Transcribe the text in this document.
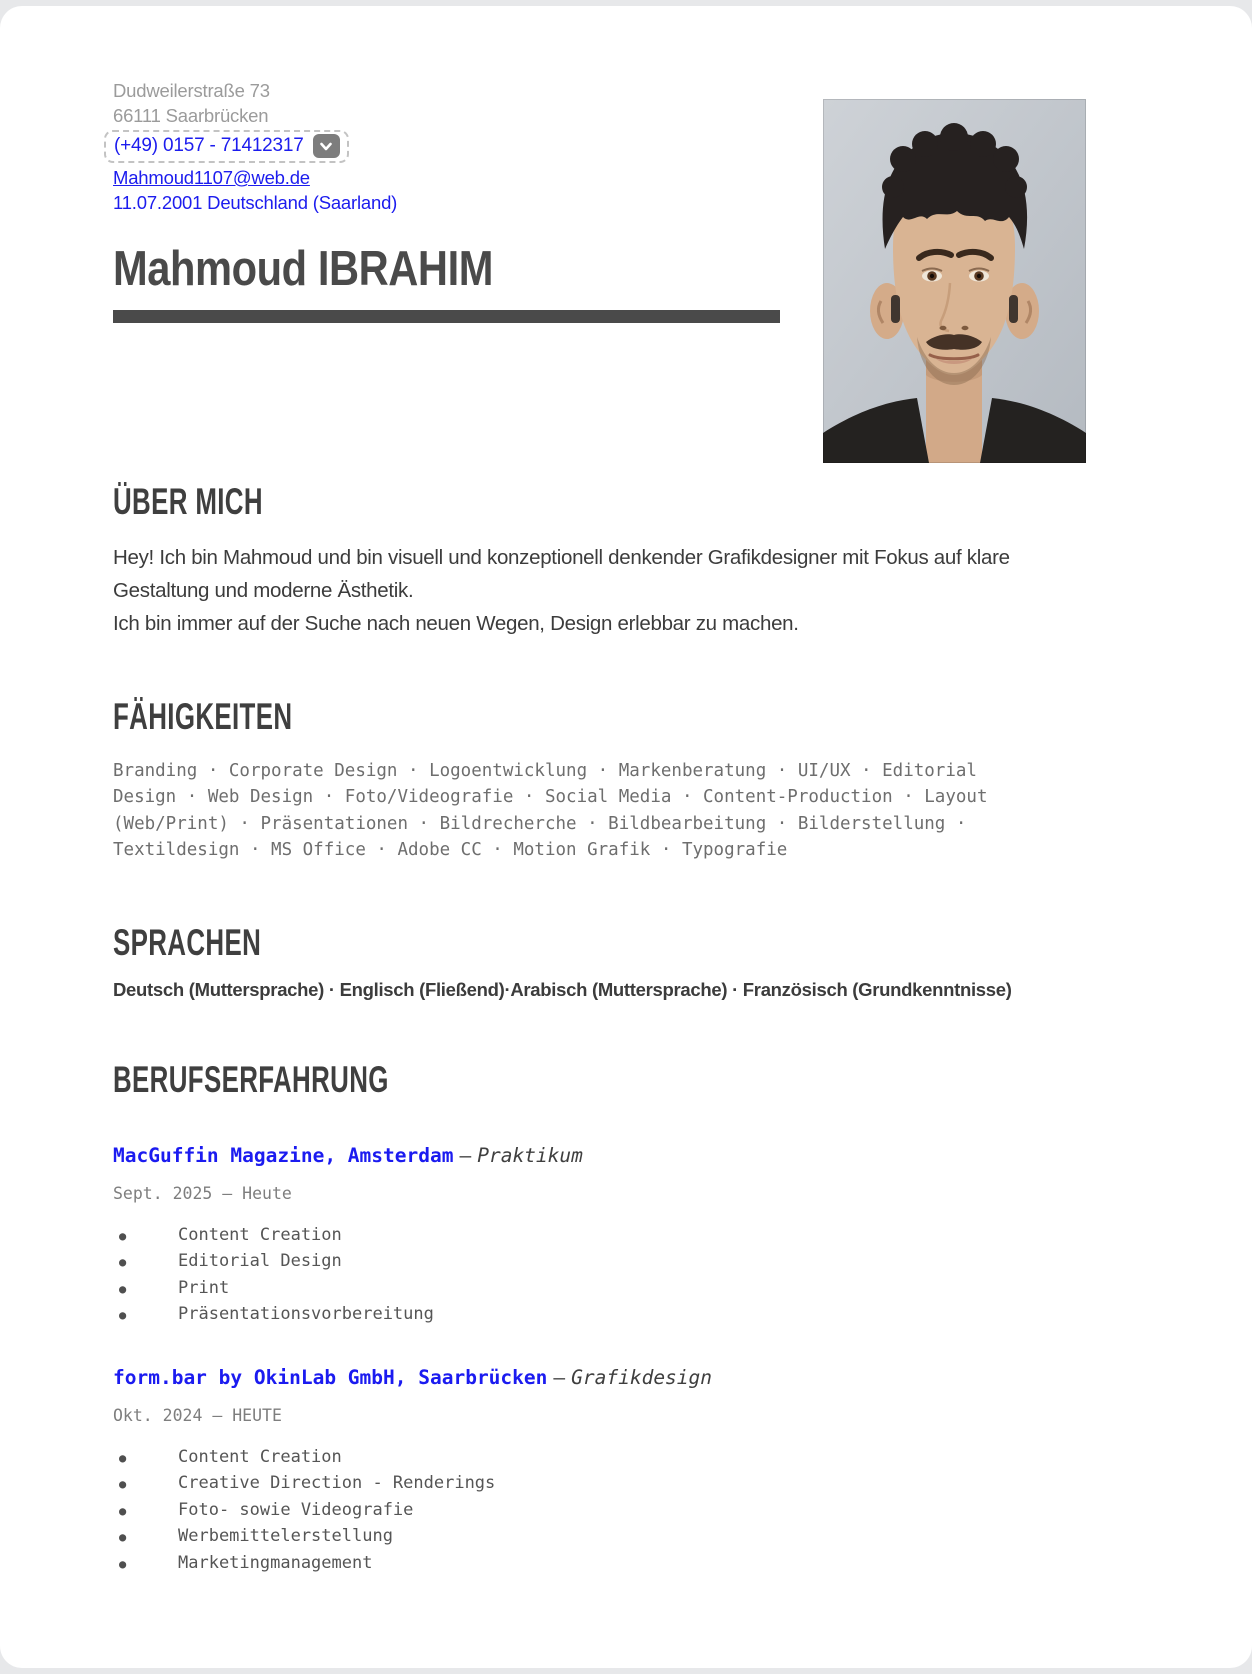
Dudweilerstraße 73
66111 Saarbrücken
(+49) 0157 - 71412317
Mahmoud1107@web.de
11.07.2001 Deutschland (Saarland)
Mahmoud IBRAHIM
ÜBER MICH
Hey! Ich bin Mahmoud und bin visuell und konzeptionell denkender Grafikdesigner mit Fokus auf klare
Gestaltung und moderne Ästhetik.
Ich bin immer auf der Suche nach neuen Wegen, Design erlebbar zu machen.
FÄHIGKEITEN
Branding · Corporate Design · Logoentwicklung · Markenberatung · UI/UX · Editorial Design · Web Design · Foto/Videografie · Social Media · Content-Production · Layout (Web/Print) · Präsentationen · Bildrecherche · Bildbearbeitung · Bilderstellung · Textildesign · MS Office · Adobe CC · Motion Grafik · Typografie
SPRACHEN
Deutsch (Muttersprache) · Englisch (Fließend)·Arabisch (Muttersprache) · Französisch (Grundkenntnisse)
BERUFSERFAHRUNG
MacGuffin Magazine, Amsterdam – Praktikum
Sept. 2025 – Heute
●	Content Creation
●	Editorial Design
●	Print
●	Präsentationsvorbereitung
form.bar by OkinLab GmbH, Saarbrücken — Grafikdesign
Okt. 2024 – HEUTE
●	Content Creation
●	Creative Direction - Renderings
●	Foto- sowie Videografie
●	Werbemittelerstellung
●	Marketingmanagement
